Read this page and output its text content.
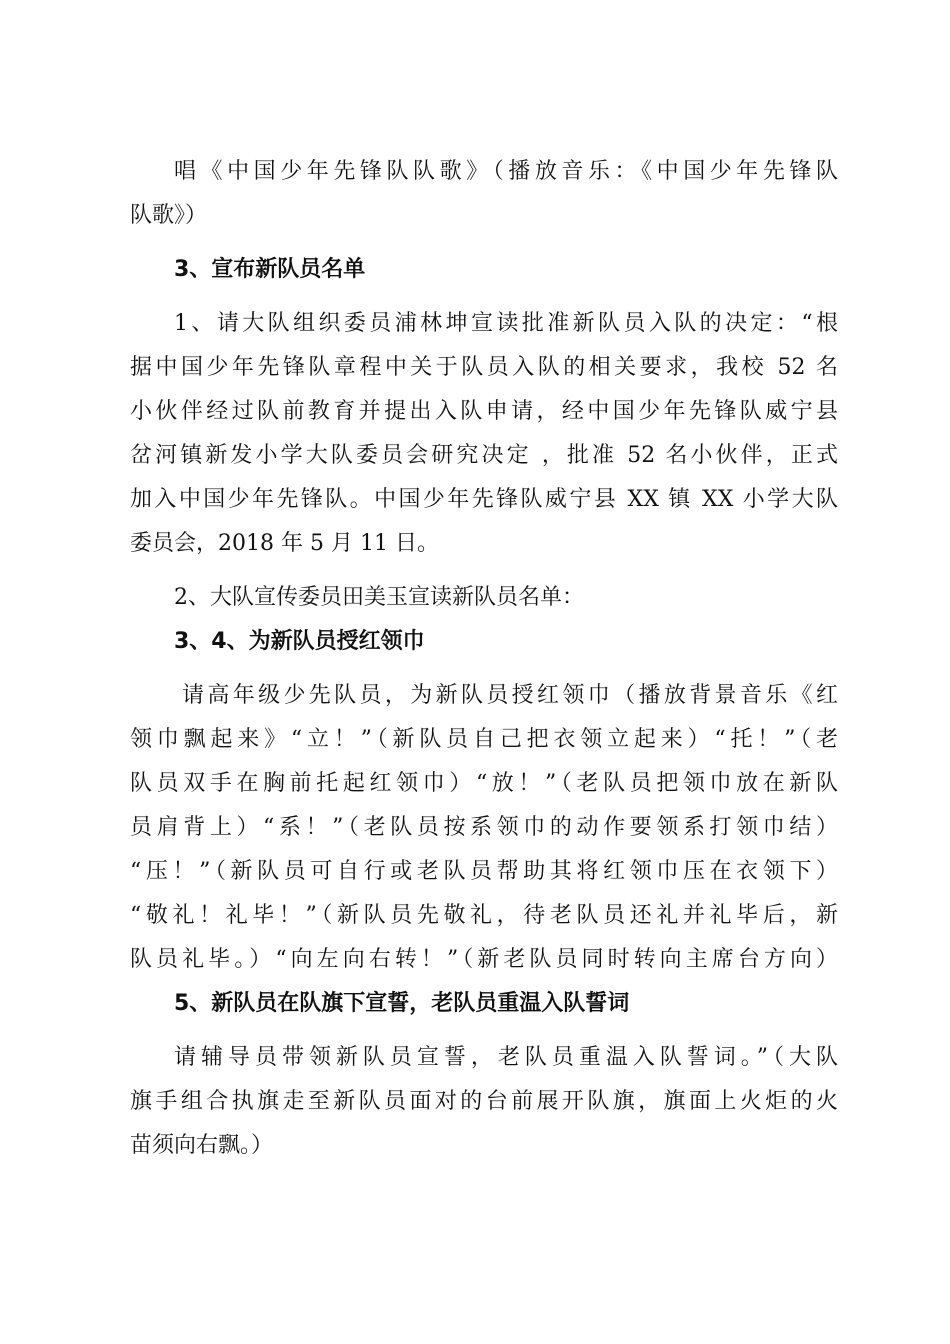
唱《中国少年先锋队队歌》（播放音乐：《中国少年先锋队
队歌》）
3、宣布新队员名单
1、请大队组织委员浦林坤宣读批准新队员入队的决定：“根
据中国少年先锋队章程中关于队员入队的相关要求，我校 52 名
小伙伴经过队前教育并提出入队申请，经中国少年先锋队威宁县
岔河镇新发小学大队委员会研究决定 ，批准 52 名小伙伴，正式
加入中国少年先锋队。中国少年先锋队威宁县 XX 镇 XX 小学大队
委员会，2018 年 5 月 11 日。
2、大队宣传委员田美玉宣读新队员名单：
3、4、为新队员授红领巾
请高年级少先队员，为新队员授红领巾（播放背景音乐《红
领巾飘起来》“立！”（新队员自己把衣领立起来）“托！”（老
队员双手在胸前托起红领巾）“放！”（老队员把领巾放在新队
员肩背上）“系！”（老队员按系领巾的动作要领系打领巾结）
“压！”（新队员可自行或老队员帮助其将红领巾压在衣领下）
“敬礼！礼毕！”（新队员先敬礼，待老队员还礼并礼毕后，新
队员礼毕。）“向左向右转！”（新老队员同时转向主席台方向）
5、新队员在队旗下宣誓，老队员重温入队誓词
请辅导员带领新队员宣誓，老队员重温入队誓词。”（大队
旗手组合执旗走至新队员面对的台前展开队旗，旗面上火炬的火
苗须向右飘。）
